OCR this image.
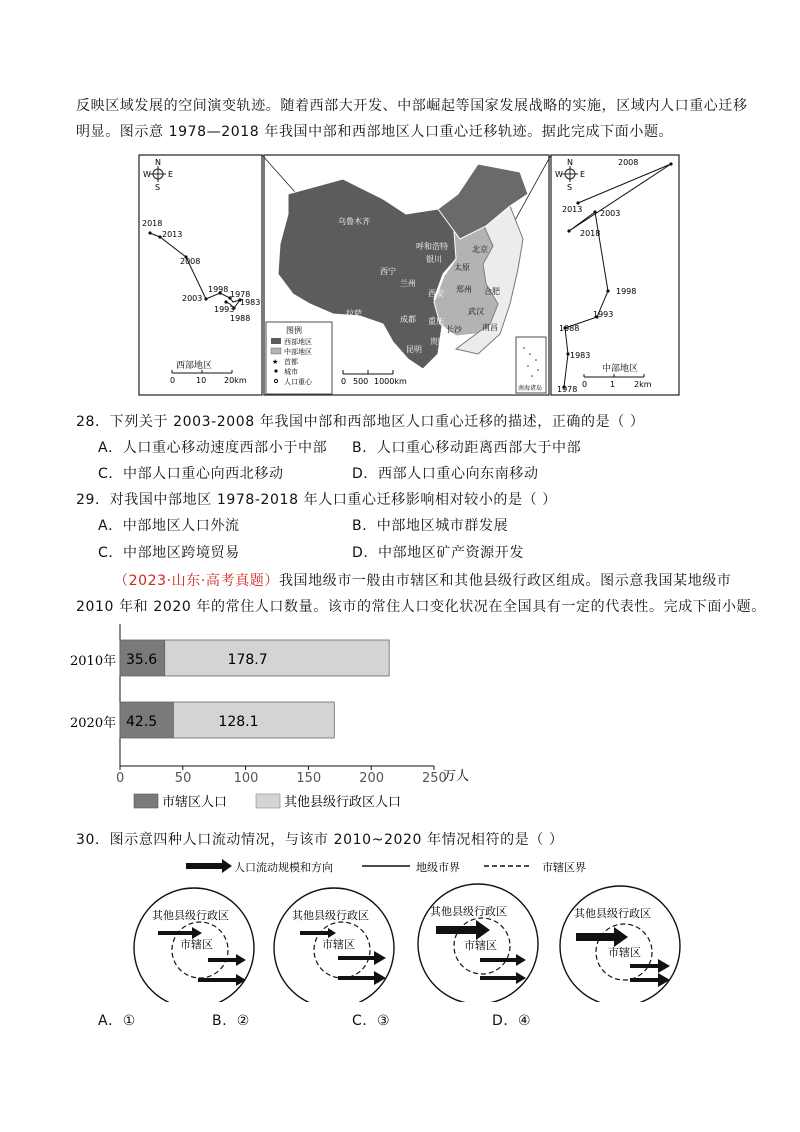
反映区域发展的空间演变轨迹。随着西部大开发、中部崛起等国家发展战略的实施，区域内人口重心迁移
明显。图示意 1978—2018 年我国中部和西部地区人口重心迁移轨迹。据此完成下面小题。
N
S
W E
2018
2013
2008
2003
1998
1978
1983
1993
1988
西部地区
0	10 20km
乌鲁木齐
呼和浩特	北京
银川
太原
西宁
兰州
西安 郑州 合肥
拉萨
成都 重庆
武汉
长沙	南昌
贵阳
昆明
南宁
图例
西部地区
中部地区
★ 首都
城市
人口重心	0 500 1000km
南海诸岛
N
S
W E
2008
2013 2003
2018
1998
1993
1988
1983
1978
中部地区
0	1 2km
28．下列关于 2003-2008 年我国中部和西部地区人口重心迁移的描述，正确的是（ ）
A．人口重心移动速度西部小于中部 B．人口重心移动距离西部大于中部
C．中部人口重心向西北移动	D．西部人口重心向东南移动
29．对我国中部地区 1978-2018 年人口重心迁移影响相对较小的是（ ）
A．中部地区人口外流	B．中部地区城市群发展
C．中部地区跨境贸易	D．中部地区矿产资源开发
（2023·山东·高考真题）我国地级市一般由市辖区和其他县级行政区组成。图示意我国某地级市
2010 年和 2020 年的常住人口数量。该市的常住人口变化状况在全国具有一定的代表性。完成下面小题。
35.6	178.7
42.5	128.1
0	50	100	150	200	250
2010年
2020年
万人
市辖区人口	其他县级行政区人口
30．图示意四种人口流动情况，与该市 2010~2020 年情况相符的是（ ）
人口流动规模和方向	地级市界	市辖区界
其他县级行政区
市辖区
其他县级行政区
市辖区
其他县级行政区
市辖区
其他县级行政区
市辖区
A．①	B．②	C．③	D．④
